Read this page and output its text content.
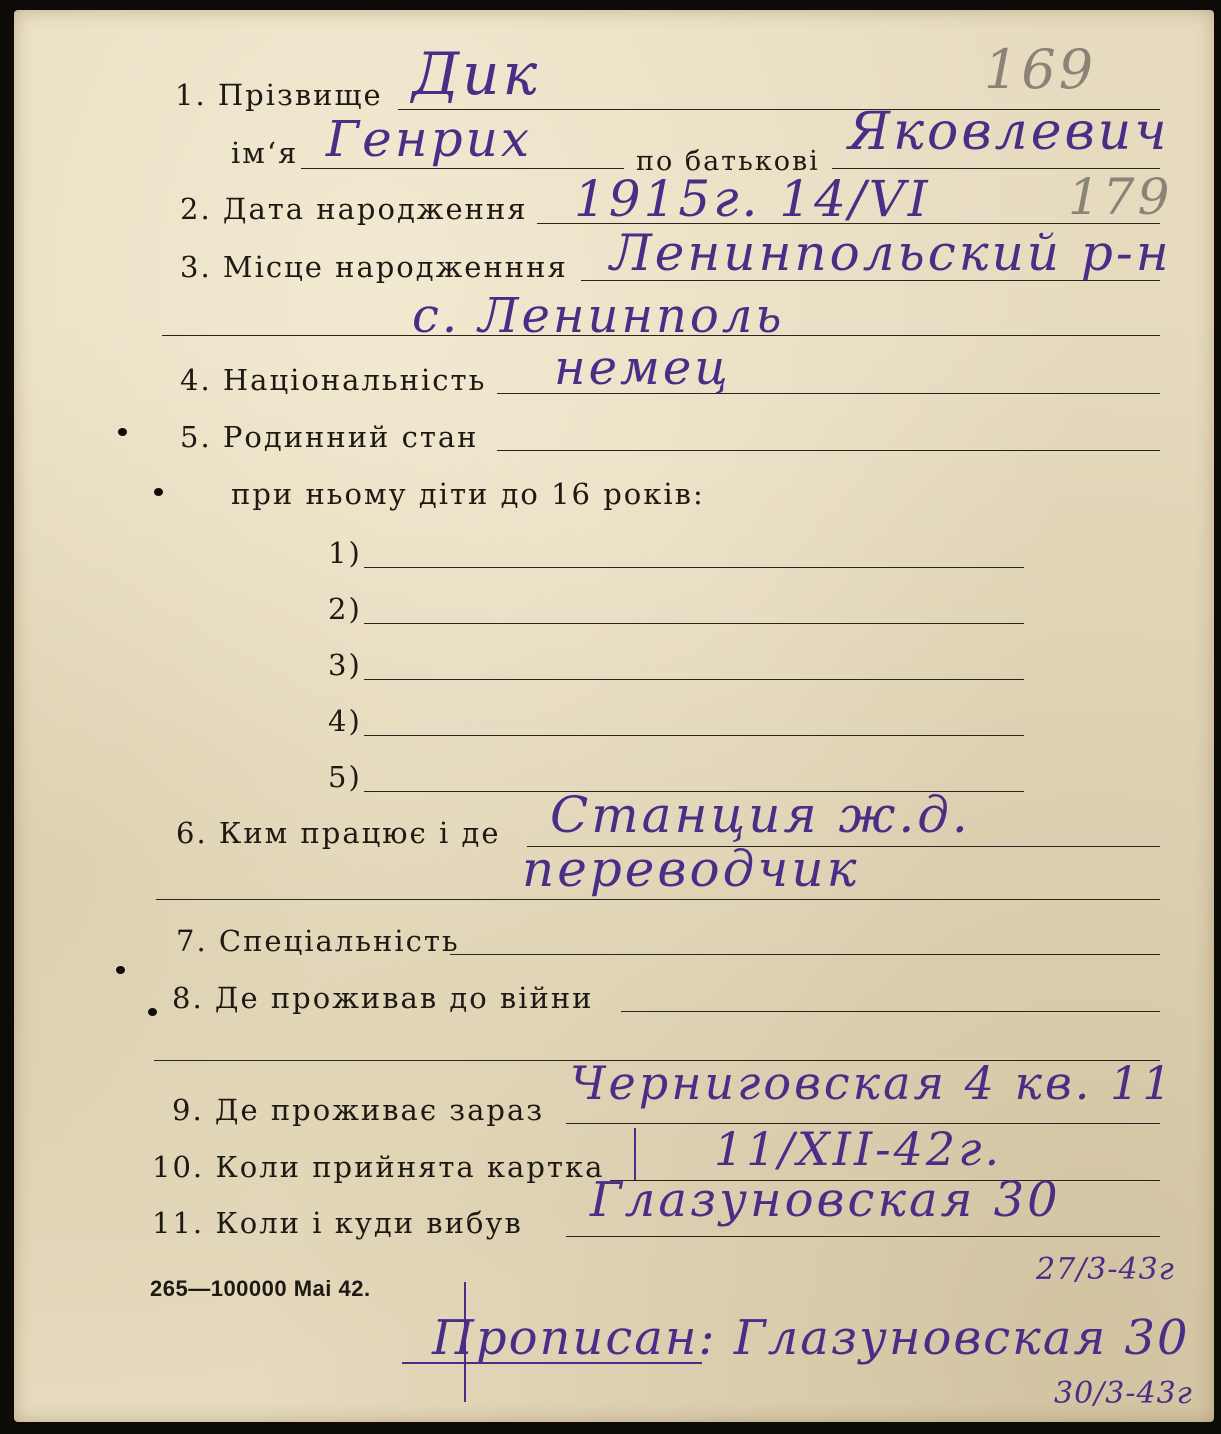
1. Прізвище Дик	169
ім‘я Генрих	по батькові Яковлевич
2. Дата народження 1915г. 14/VI	179
3. Місце народженння Ленинпольский р-н
с. Ленинполь
4. Національність немец
5. Родинний стан
при ньому діти до 16 років:
1)
2)
3)
4)
5)
6. Ким працює і де Станция ж.д.
переводчик
7. Спеціальність
8. Де проживав до війни
9. Де проживає зараз Черниговская 4 кв. 11
10. Коли прийнята картка 11/XII-42г.
11. Коли і куди вибув Глазуновская 30
265—100000 Mai 42.
27/3-43г
Прописан: Глазуновская 30
30/3-43г
